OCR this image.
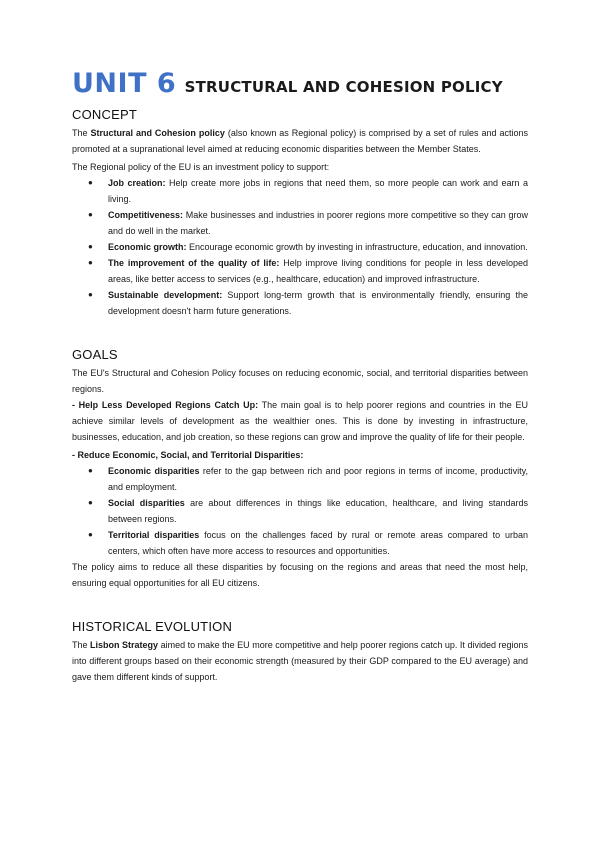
UNIT 6 STRUCTURAL AND COHESION POLICY
CONCEPT

The Structural and Cohesion policy (also known as Regional policy) is comprised by a set of rules and actions promoted at a supranational level aimed at reducing economic disparities between the Member States.

The Regional policy of the EU is an investment policy to support:

● Job creation: Help create more jobs in regions that need them, so more people can work and earn a living.
● Competitiveness: Make businesses and industries in poorer regions more competitive so they can grow and do well in the market.
● Economic growth: Encourage economic growth by investing in infrastructure, education, and innovation.
● The improvement of the quality of life: Help improve living conditions for people in less developed areas, like better access to services (e.g., healthcare, education) and improved infrastructure.
● Sustainable development: Support long-term growth that is environmentally friendly, ensuring the development doesn't harm future generations.
GOALS

The EU's Structural and Cohesion Policy focuses on reducing economic, social, and territorial disparities between regions.

- Help Less Developed Regions Catch Up: The main goal is to help poorer regions and countries in the EU achieve similar levels of development as the wealthier ones. This is done by investing in infrastructure, businesses, education, and job creation, so these regions can grow and improve the quality of life for their people.

- Reduce Economic, Social, and Territorial Disparities:

● Economic disparities refer to the gap between rich and poor regions in terms of income, productivity, and employment.
● Social disparities are about differences in things like education, healthcare, and living standards between regions.
● Territorial disparities focus on the challenges faced by rural or remote areas compared to urban centers, which often have more access to resources and opportunities.

The policy aims to reduce all these disparities by focusing on the regions and areas that need the most help, ensuring equal opportunities for all EU citizens.

HISTORICAL EVOLUTION

The Lisbon Strategy aimed to make the EU more competitive and help poorer regions catch up. It divided regions into different groups based on their economic strength (measured by their GDP compared to the EU average) and gave them different kinds of support.
